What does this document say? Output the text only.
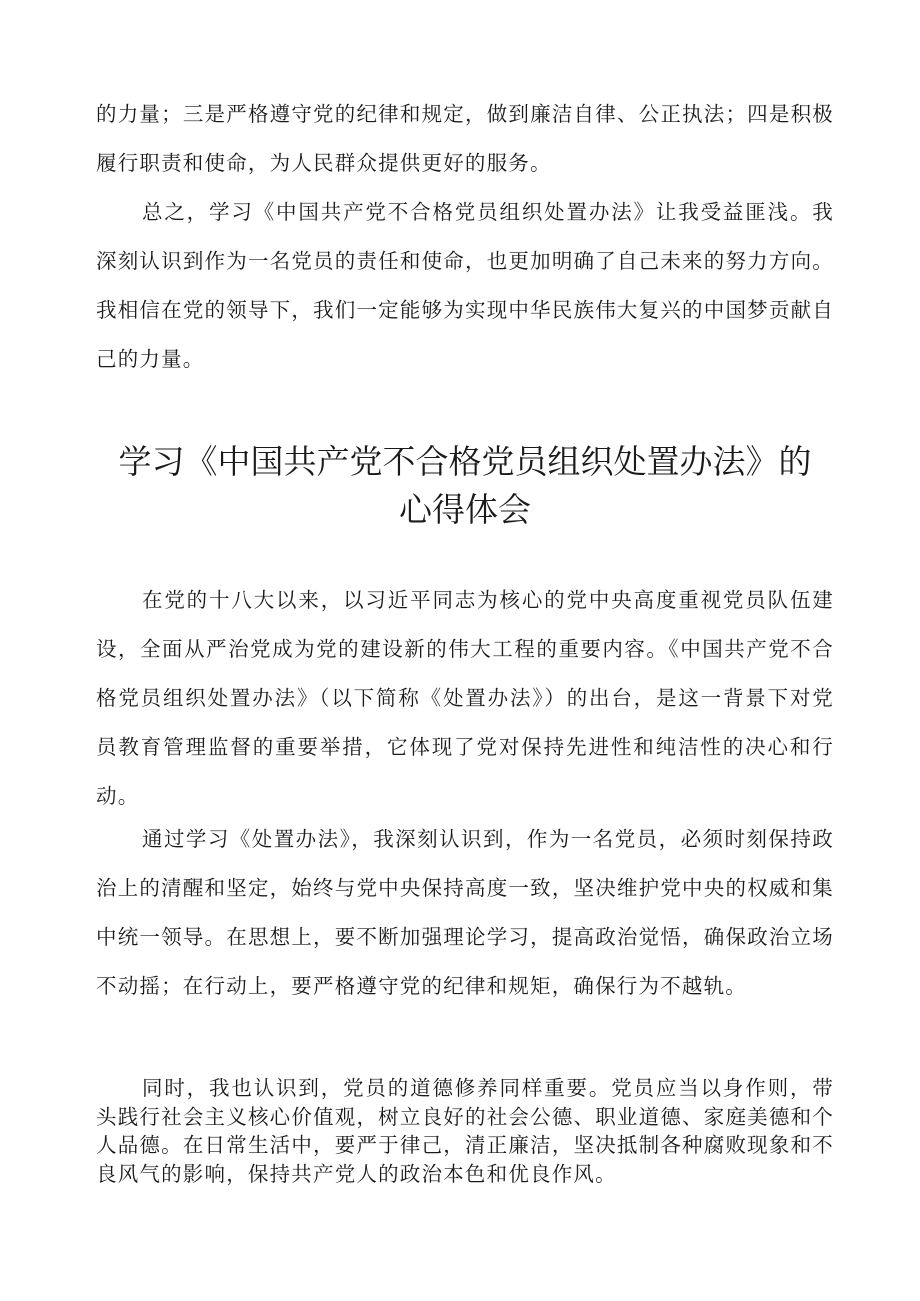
的力量；三是严格遵守党的纪律和规定，做到廉洁自律、公正执法；四是积极履行职责和使命，为人民群众提供更好的服务。

总之，学习《中国共产党不合格党员组织处置办法》让我受益匪浅。我深刻认识到作为一名党员的责任和使命，也更加明确了自己未来的努力方向。我相信在党的领导下，我们一定能够为实现中华民族伟大复兴的中国梦贡献自己的力量。

学习《中国共产党不合格党员组织处置办法》的
心得体会

在党的十八大以来，以习近平同志为核心的党中央高度重视党员队伍建设，全面从严治党成为党的建设新的伟大工程的重要内容。《中国共产党不合格党员组织处置办法》（以下简称《处置办法》）的出台，是这一背景下对党员教育管理监督的重要举措，它体现了党对保持先进性和纯洁性的决心和行动。

通过学习《处置办法》，我深刻认识到，作为一名党员，必须时刻保持政治上的清醒和坚定，始终与党中央保持高度一致，坚决维护党中央的权威和集中统一领导。在思想上，要不断加强理论学习，提高政治觉悟，确保政治立场不动摇；在行动上，要严格遵守党的纪律和规矩，确保行为不越轨。

同时，我也认识到，党员的道德修养同样重要。党员应当以身作则，带头践行社会主义核心价值观，树立良好的社会公德、职业道德、家庭美德和个人品德。在日常生活中，要严于律己，清正廉洁，坚决抵制各种腐败现象和不良风气的影响，保持共产党人的政治本色和优良作风。
